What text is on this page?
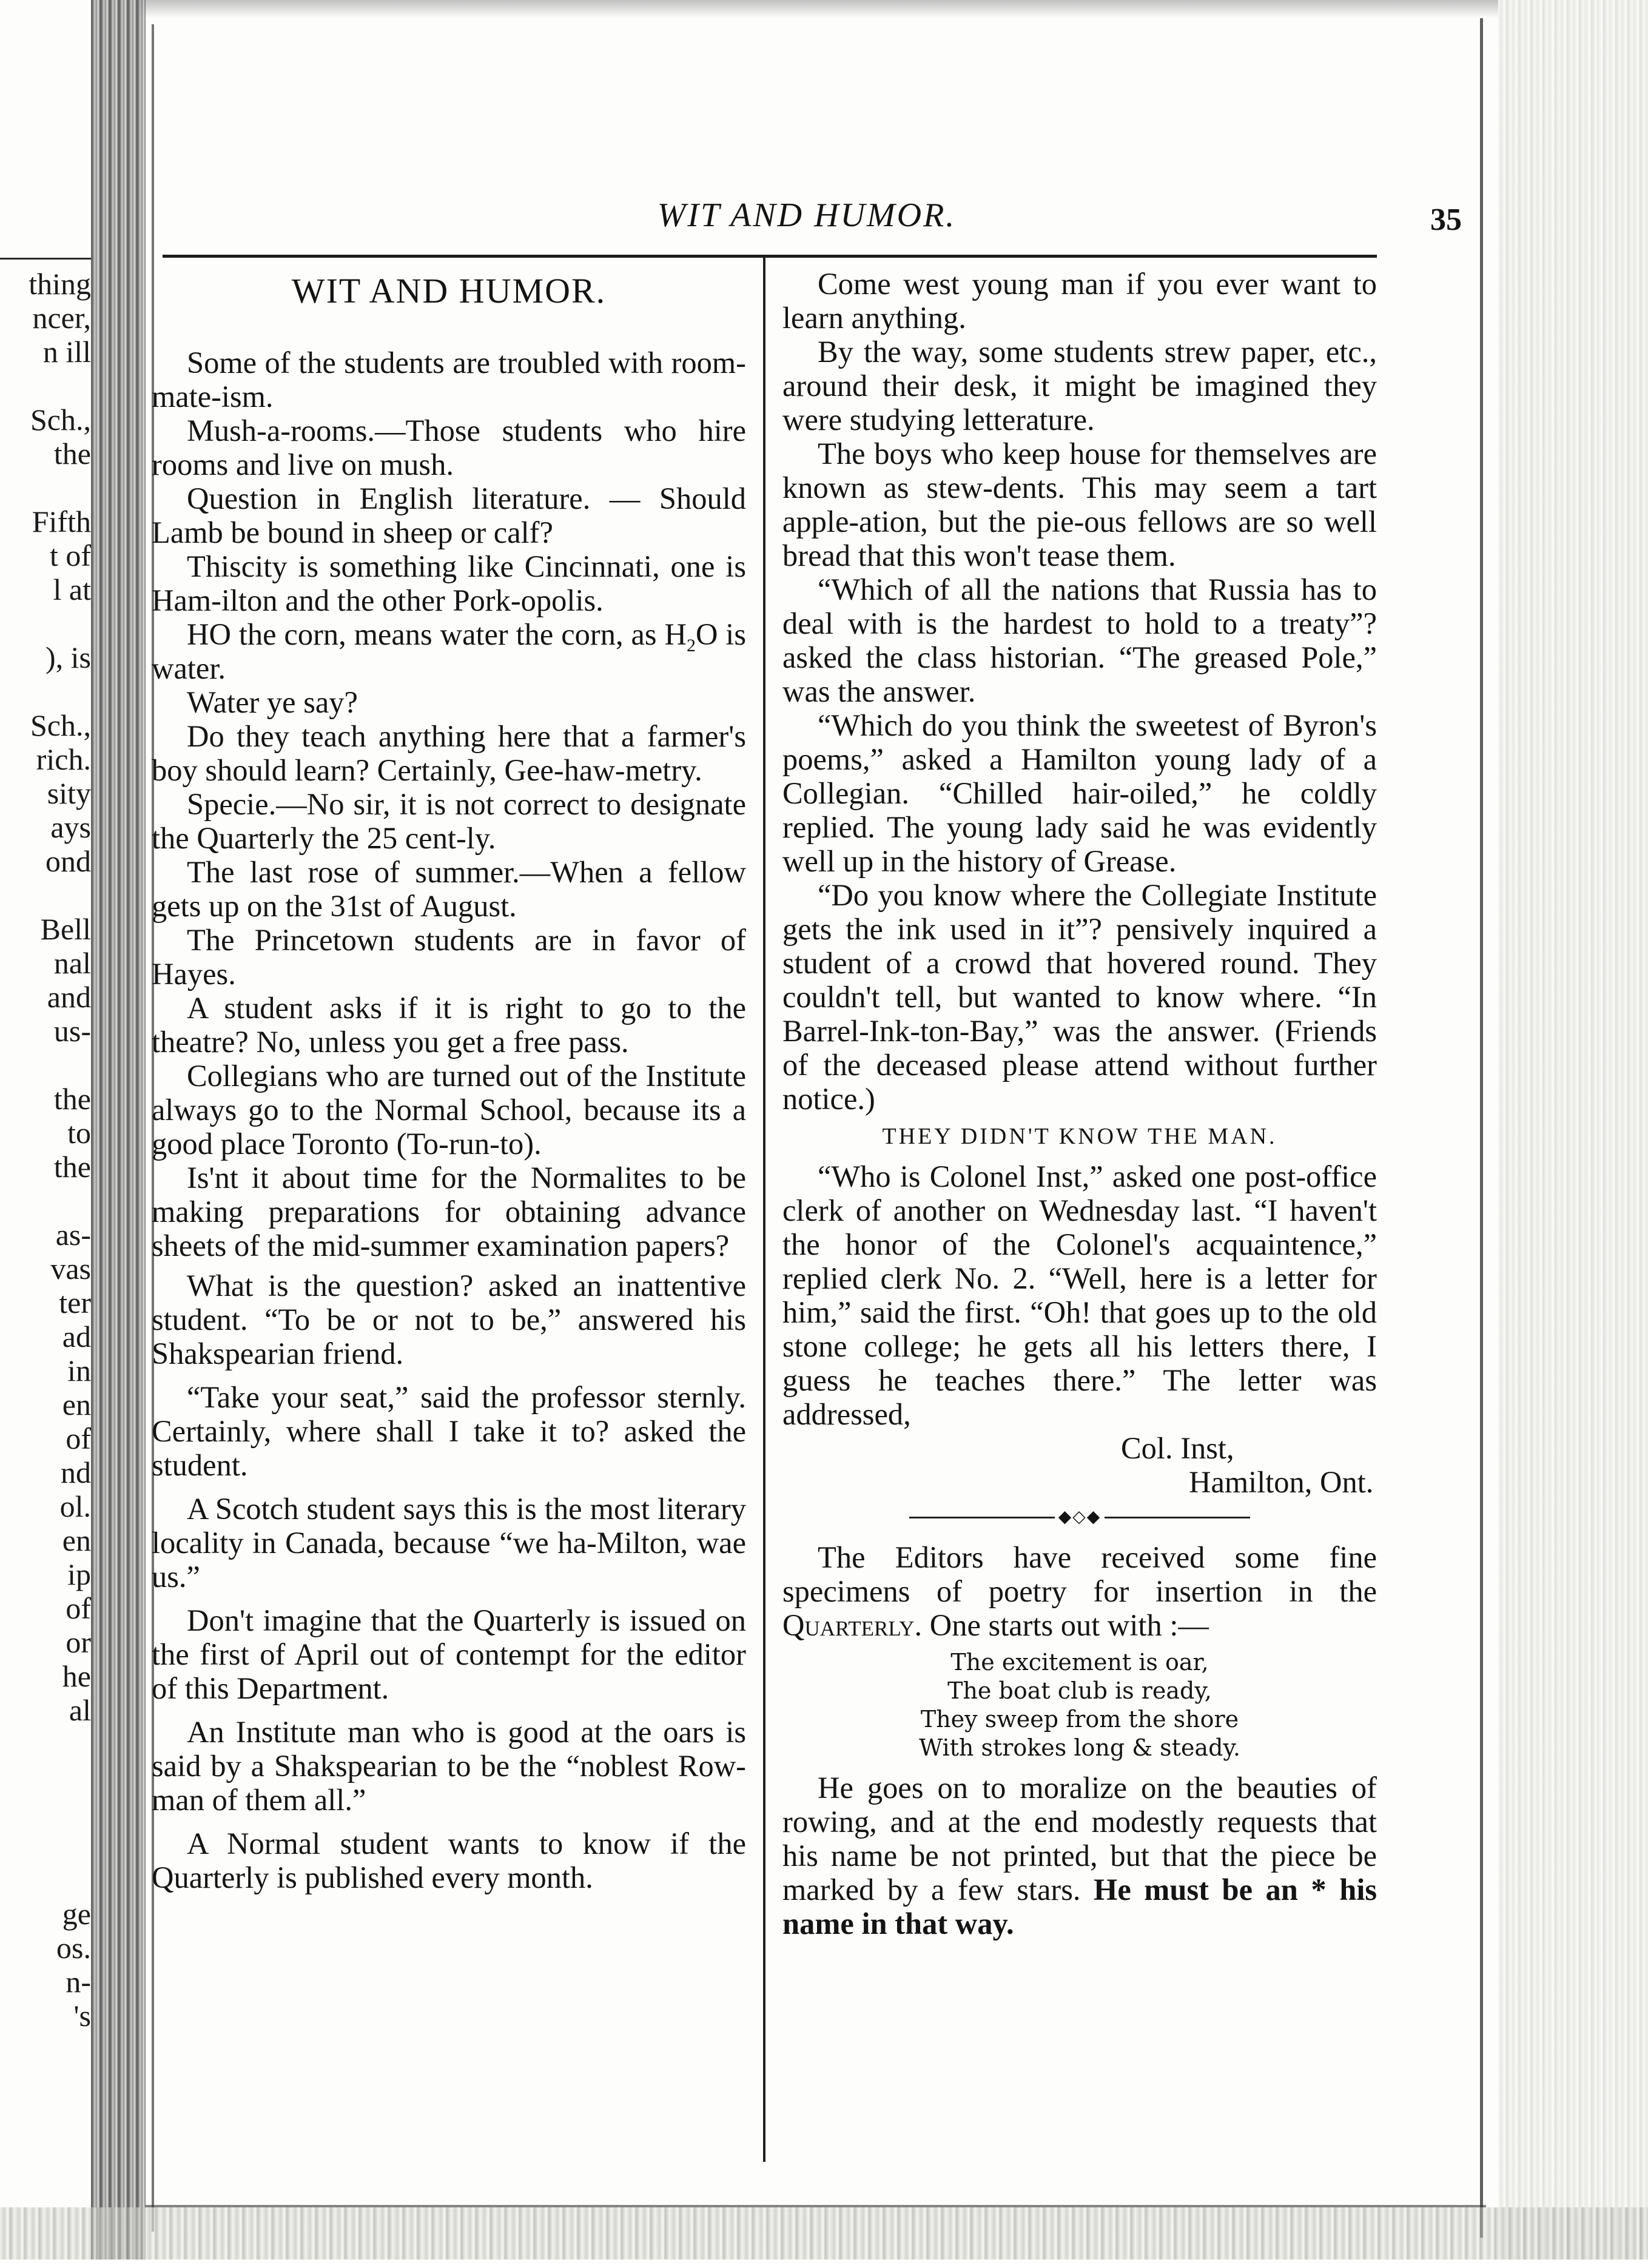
thing
ncer,
n ill
Sch.,
the
Fifth
t of
l at
), is
Sch.,
rich.
sity
ays
ond
Bell
nal
and
us-
the
to
the
as-
vas
ter
ad
in
en
of
nd
ol.
en
ip
of
or
he
al
ge
os.
n-
's
WIT AND HUMOR.	35
WIT AND HUMOR.

Some of the students are troubled with room-mate-ism.

Mush-a-rooms.—Those students who hire rooms and live on mush.

Question in English literature. — Should Lamb be bound in sheep or calf?

Thiscity is something like Cincinnati, one is Ham-ilton and the other Pork-opolis.

HO the corn, means water the corn, as $H_2O$ is water.

Water ye say?

Do they teach anything here that a farmer's boy should learn? Certainly, Gee-haw-metry.

Specie.—No sir, it is not correct to designate the Quarterly the 25 cent-ly.

The last rose of summer.—When a fellow gets up on the 31st of August.

The Princetown students are in favor of Hayes.

A student asks if it is right to go to the theatre? No, unless you get a free pass.

Collegians who are turned out of the Institute always go to the Normal School, because its a good place Toronto (To-run-to).

Is'nt it about time for the Normalites to be making preparations for obtaining advance sheets of the mid-summer examination papers?

What is the question? asked an inattentive student. “To be or not to be,” answered his Shakspearian friend.

“Take your seat,” said the professor sternly. Certainly, where shall I take it to? asked the student.

A Scotch student says this is the most literary locality in Canada, because “we ha-Milton, wae us.”

Don't imagine that the Quarterly is issued on the first of April out of contempt for the editor of this Department.

An Institute man who is good at the oars is said by a Shakspearian to be the “noblest Row-man of them all.”

A Normal student wants to know if the Quarterly is published every month.

Come west young man if you ever want to learn anything.

By the way, some students strew paper, etc., around their desk, it might be imagined they were studying letterature.

The boys who keep house for themselves are known as stew-dents. This may seem a tart apple-ation, but the pie-ous fellows are so well bread that this won't tease them.

“Which of all the nations that Russia has to deal with is the hardest to hold to a treaty”? asked the class historian. “The greased Pole,” was the answer.

“Which do you think the sweetest of Byron's poems,” asked a Hamilton young lady of a Collegian. “Chilled hair-oiled,” he coldly replied. The young lady said he was evidently well up in the history of Grease.

“Do you know where the Collegiate Institute gets the ink used in it”? pensively inquired a student of a crowd that hovered round. They couldn't tell, but wanted to know where. “In Barrel-Ink-ton-Bay,” was the answer. (Friends of the deceased please attend without further notice.)

THEY DIDN'T KNOW THE MAN.

“Who is Colonel Inst,” asked one post-office clerk of another on Wednesday last. “I haven't the honor of the Colonel's acquaintence,” replied clerk No. 2. “Well, here is a letter for him,” said the first. “Oh! that goes up to the old stone college; he gets all his letters there, I guess he teaches there.” The letter was addressed,

Col. Inst,

Hamilton, Ont.

◆◇◆

The Editors have received some fine specimens of poetry for insertion in the Quarterly. One starts out with :—

The excitement is oar,
The boat club is ready,
They sweep from the shore
With strokes long & steady.

He goes on to moralize on the beauties of rowing, and at the end modestly requests that his name be not printed, but that the piece be marked by a few stars. He must be an * his name in that way.
